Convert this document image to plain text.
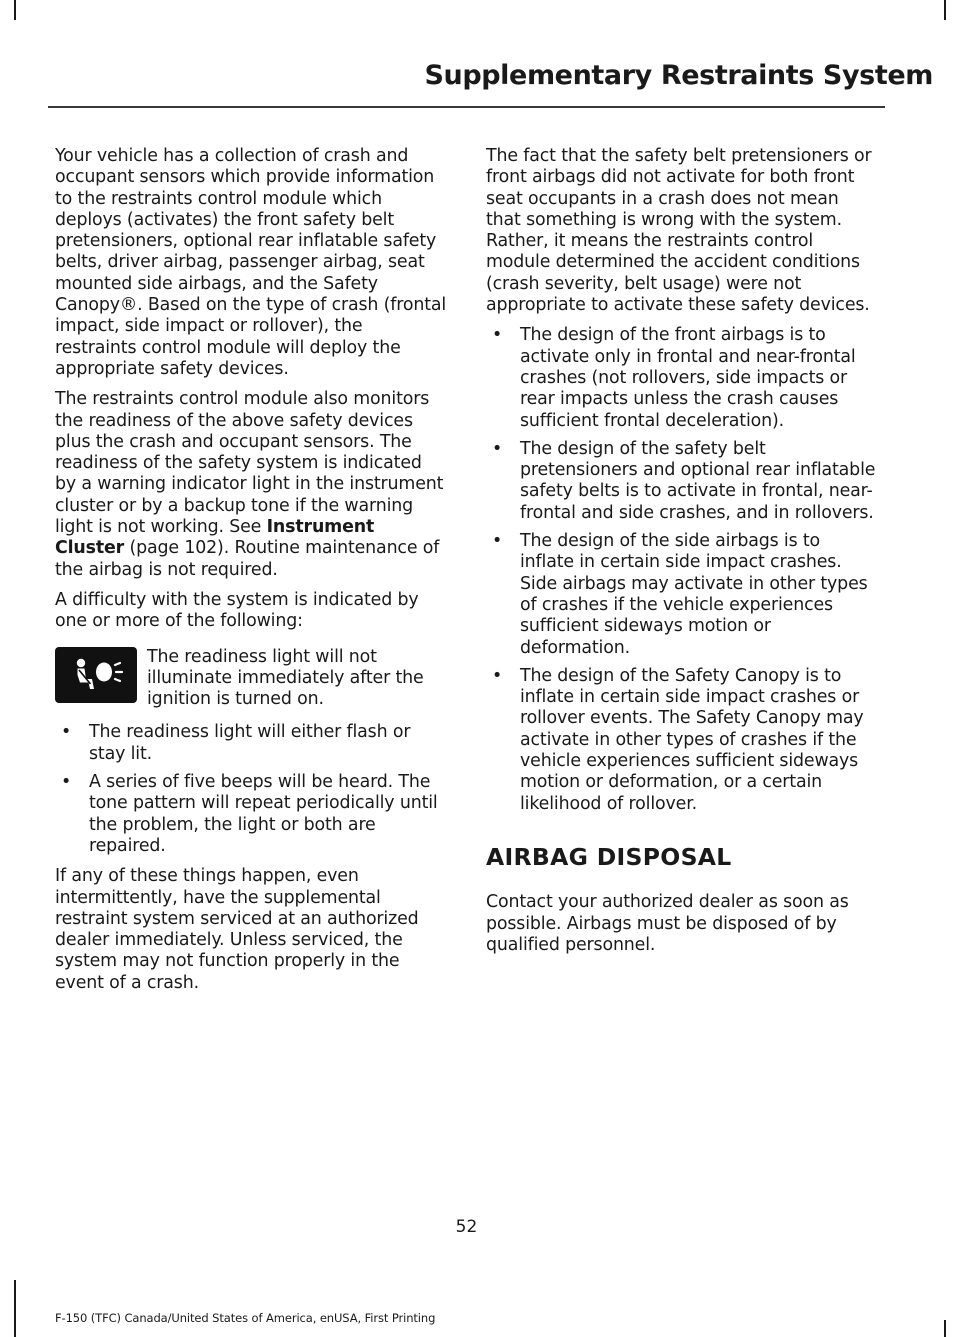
Supplementary Restraints System

Your vehicle has a collection of crash and occupant sensors which provide information to the restraints control module which deploys (activates) the front safety belt pretensioners, optional rear inflatable safety belts, driver airbag, passenger airbag, seat mounted side airbags, and the Safety Canopy®. Based on the type of crash (frontal impact, side impact or rollover), the restraints control module will deploy the appropriate safety devices.

The restraints control module also monitors the readiness of the above safety devices plus the crash and occupant sensors. The readiness of the safety system is indicated by a warning indicator light in the instrument cluster or by a backup tone if the warning light is not working. See Instrument Cluster (page 102). Routine maintenance of the airbag is not required.

A difficulty with the system is indicated by one or more of the following:

The readiness light will not illuminate immediately after the ignition is turned on.
• The readiness light will either flash or stay lit.
• A series of five beeps will be heard. The tone pattern will repeat periodically until the problem, the light or both are repaired.

If any of these things happen, even intermittently, have the supplemental restraint system serviced at an authorized dealer immediately. Unless serviced, the system may not function properly in the event of a crash.

The fact that the safety belt pretensioners or front airbags did not activate for both front seat occupants in a crash does not mean that something is wrong with the system. Rather, it means the restraints control module determined the accident conditions (crash severity, belt usage) were not appropriate to activate these safety devices.

• The design of the front airbags is to activate only in frontal and near-frontal crashes (not rollovers, side impacts or rear impacts unless the crash causes sufficient frontal deceleration).
• The design of the safety belt pretensioners and optional rear inflatable safety belts is to activate in frontal, near-frontal and side crashes, and in rollovers.
• The design of the side airbags is to inflate in certain side impact crashes. Side airbags may activate in other types of crashes if the vehicle experiences sufficient sideways motion or deformation.
• The design of the Safety Canopy is to inflate in certain side impact crashes or rollover events. The Safety Canopy may activate in other types of crashes if the vehicle experiences sufficient sideways motion or deformation, or a certain likelihood of rollover.
AIRBAG DISPOSAL

Contact your authorized dealer as soon as possible. Airbags must be disposed of by qualified personnel.

52
F-150 (TFC) Canada/United States of America, enUSA, First Printing
